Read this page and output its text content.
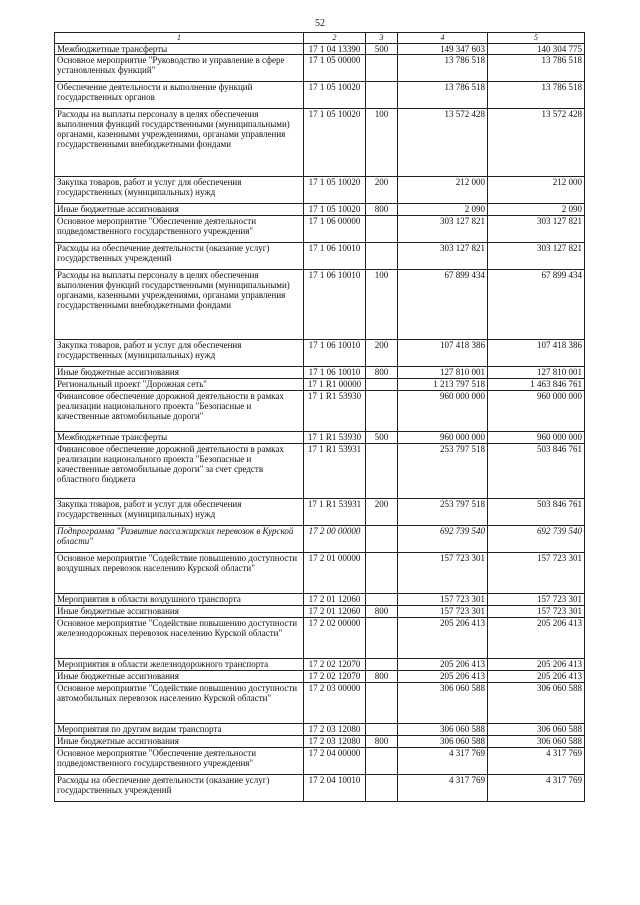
52
1	2	3	4	5
Межбюджетные трансферты	17 1 04 13390	500	149 347 603	140 304 775
Основное мероприятие "Руководство и управление в сфере установленных функций"	17 1 05 00000		13 786 518	13 786 518
Обеспечение деятельности и выполнение функций государственных органов	17 1 05 10020		13 786 518	13 786 518
Расходы на выплаты персоналу в целях обеспечения выполнения функций государственными (муниципальными) органами, казенными учреждениями, органами управления государственными внебюджетными фондами	17 1 05 10020	100	13 572 428	13 572 428
Закупка товаров, работ и услуг для обеспечения государственных (муниципальных) нужд	17 1 05 10020	200	212 000	212 000
Иные бюджетные ассигнования	17 1 05 10020	800	2 090	2 090
Основное мероприятие "Обеспечение деятельности подведомственного государственного учреждения"	17 1 06 00000		303 127 821	303 127 821
Расходы на обеспечение деятельности (оказание услуг) государственных учреждений	17 1 06 10010		303 127 821	303 127 821
Расходы на выплаты персоналу в целях обеспечения выполнения функций государственными (муниципальными) органами, казенными учреждениями, органами управления государственными внебюджетными фондами	17 1 06 10010	100	67 899 434	67 899 434
Закупка товаров, работ и услуг для обеспечения государственных (муниципальных) нужд	17 1 06 10010	200	107 418 386	107 418 386
Иные бюджетные ассигнования	17 1 06 10010	800	127 810 001	127 810 001
Региональный проект "Дорожная сеть"	17 1 R1 00000		1 213 797 518	1 463 846 761
Финансовое обеспечение дорожной деятельности в рамках реализации национального проекта "Безопасные и качественные автомобильные дороги"	17 1 R1 53930		960 000 000	960 000 000
Межбюджетные трансферты	17 1 R1 53930	500	960 000 000	960 000 000
Финансовое обеспечение дорожной деятельности в рамках реализации национального проекта "Безопасные и качественные автомобильные дороги" за счет средств областного бюджета	17 1 R1 53931		253 797 518	503 846 761
Закупка товаров, работ и услуг для обеспечения государственных (муниципальных) нужд	17 1 R1 53931	200	253 797 518	503 846 761
Подпрограмма "Развитие пассажирских перевозок в Курской области"	17 2 00 00000		692 739 540	692 739 540
Основное мероприятие "Содействие повышению доступности воздушных перевозок населению Курской области"	17 2 01 00000		157 723 301	157 723 301
Мероприятия в области воздушного транспорта	17 2 01 12060		157 723 301	157 723 301
Иные бюджетные ассигнования	17 2 01 12060	800	157 723 301	157 723 301
Основное мероприятие "Содействие повышению доступности железнодорожных перевозок населению Курской области"	17 2 02 00000		205 206 413	205 206 413
Мероприятия в области железнодорожного транспорта	17 2 02 12070		205 206 413	205 206 413
Иные бюджетные ассигнования	17 2 02 12070	800	205 206 413	205 206 413
Основное мероприятие "Содействие повышению доступности автомобильных перевозок населению Курской области"	17 2 03 00000		306 060 588	306 060 588
Мероприятия по другим видам транспорта	17 2 03 12080		306 060 588	306 060 588
Иные бюджетные ассигнования	17 2 03 12080	800	306 060 588	306 060 588
Основное мероприятие "Обеспечение деятельности подведомственного государственного учреждения"	17 2 04 00000		4 317 769	4 317 769
Расходы на обеспечение деятельности (оказание услуг) государственных учреждений	17 2 04 10010		4 317 769	4 317 769
